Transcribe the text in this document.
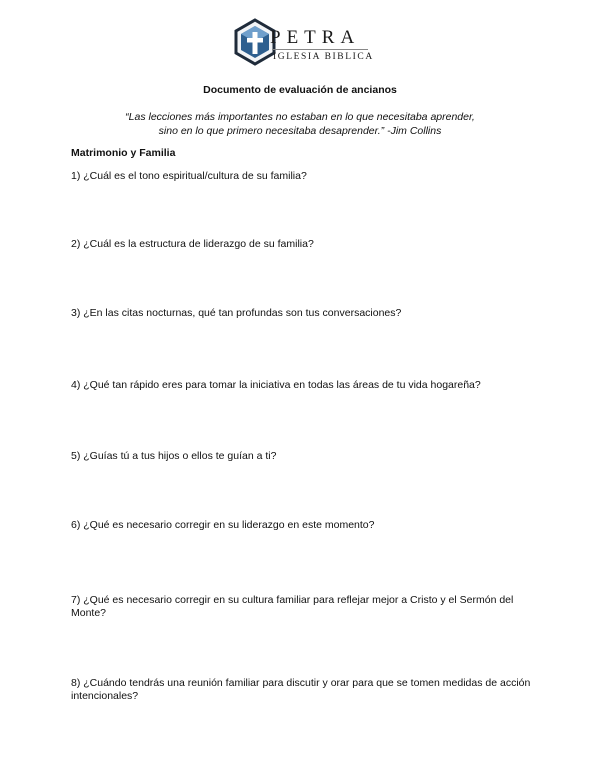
PETRA
IGLESIA BIBLICA
Documento de evaluación de ancianos
“Las lecciones más importantes no estaban en lo que necesitaba aprender,
sino en lo que primero necesitaba desaprender.” -Jim Collins
Matrimonio y Familia

1) ¿Cuál es el tono espiritual/cultura de su familia?

2) ¿Cuál es la estructura de liderazgo de su familia?

3) ¿En las citas nocturnas, qué tan profundas son tus conversaciones?

4) ¿Qué tan rápido eres para tomar la iniciativa en todas las áreas de tu vida hogareña?

5) ¿Guías tú a tus hijos o ellos te guían a ti?

6) ¿Qué es necesario corregir en su liderazgo en este momento?

7) ¿Qué es necesario corregir en su cultura familiar para reflejar mejor a Cristo y el Sermón del Monte?

8) ¿Cuándo tendrás una reunión familiar para discutir y orar para que se tomen medidas de acción intencionales?
